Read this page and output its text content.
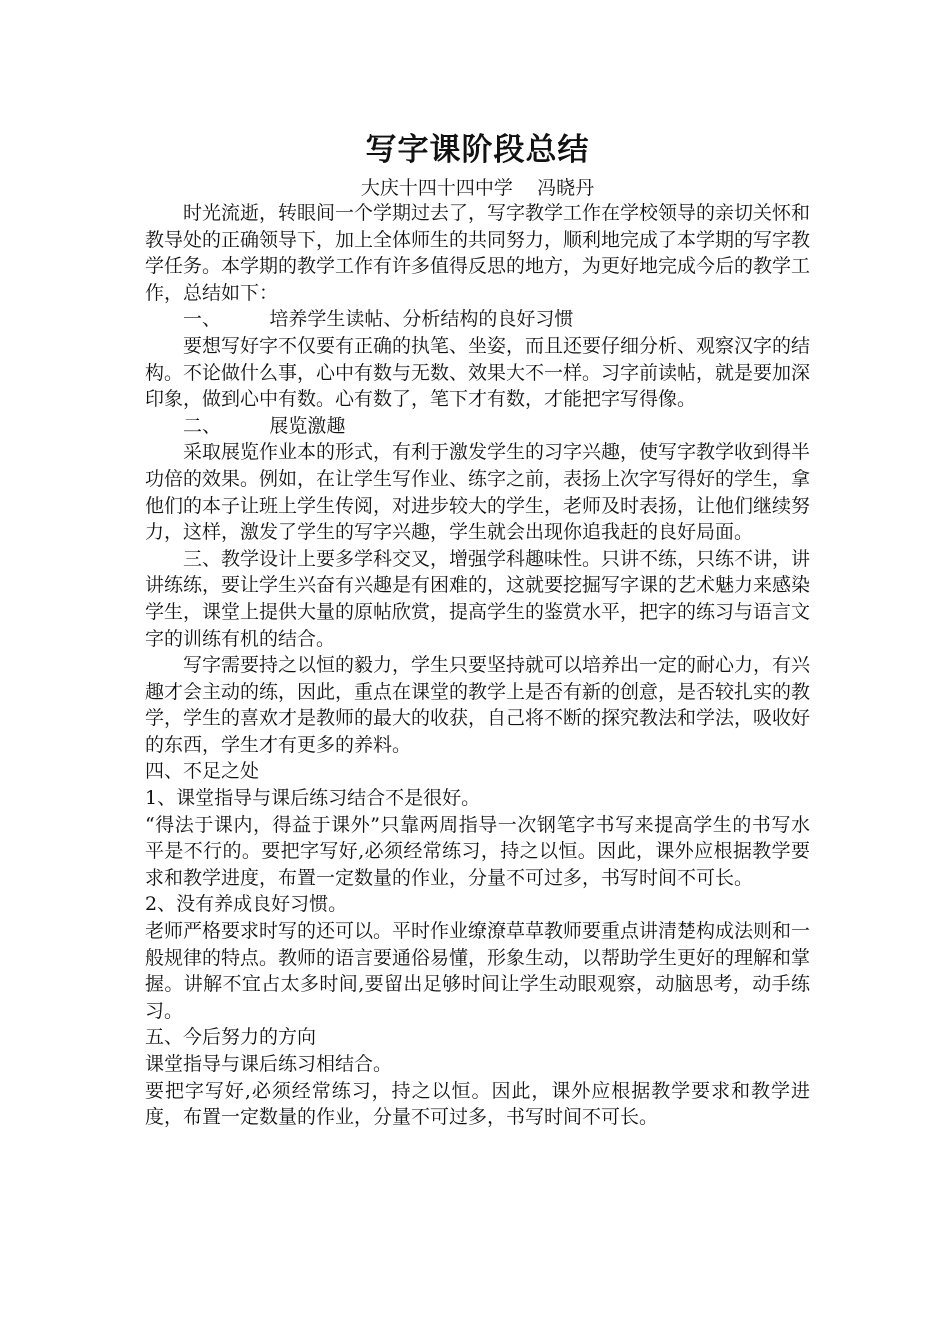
写字课阶段总结
大庆十四十四中学    冯晓丹

时光流逝，转眼间一个学期过去了，写字教学工作在学校领导的亲切关怀和教导处的正确领导下，加上全体师生的共同努力，顺利地完成了本学期的写字教学任务。本学期的教学工作有许多值得反思的地方，为更好地完成今后的教学工作，总结如下：

一、        培养学生读帖、分析结构的良好习惯

要想写好字不仅要有正确的执笔、坐姿，而且还要仔细分析、观察汉字的结构。不论做什么事，心中有数与无数、效果大不一样。习字前读帖，就是要加深印象，做到心中有数。心有数了，笔下才有数，才能把字写得像。

二、        展览激趣

采取展览作业本的形式，有利于激发学生的习字兴趣，使写字教学收到得半功倍的效果。例如，在让学生写作业、练字之前，表扬上次字写得好的学生，拿他们的本子让班上学生传阅，对进步较大的学生，老师及时表扬，让他们继续努力，这样，激发了学生的写字兴趣，学生就会出现你追我赶的良好局面。

三、教学设计上要多学科交叉，增强学科趣味性。只讲不练，只练不讲，讲讲练练，要让学生兴奋有兴趣是有困难的，这就要挖掘写字课的艺术魅力来感染学生，课堂上提供大量的原帖欣赏，提高学生的鉴赏水平，把字的练习与语言文字的训练有机的结合。

写字需要持之以恒的毅力，学生只要坚持就可以培养出一定的耐心力，有兴趣才会主动的练，因此，重点在课堂的教学上是否有新的创意，是否较扎实的教学，学生的喜欢才是教师的最大的收获，自己将不断的探究教法和学法，吸收好的东西，学生才有更多的养料。

四、不足之处

1、课堂指导与课后练习结合不是很好。

“得法于课内，得益于课外”只靠两周指导一次钢笔字书写来提高学生的书写水平是不行的。要把字写好,必须经常练习，持之以恒。因此，课外应根据教学要求和教学进度，布置一定数量的作业，分量不可过多，书写时间不可长。

2、没有养成良好习惯。

老师严格要求时写的还可以。平时作业缭潦草草教师要重点讲清楚构成法则和一般规律的特点。教师的语言要通俗易懂，形象生动，以帮助学生更好的理解和掌握。讲解不宜占太多时间,要留出足够时间让学生动眼观察，动脑思考，动手练习。

五、今后努力的方向

课堂指导与课后练习相结合。

要把字写好,必须经常练习，持之以恒。因此，课外应根据教学要求和教学进度，布置一定数量的作业，分量不可过多，书写时间不可长。
